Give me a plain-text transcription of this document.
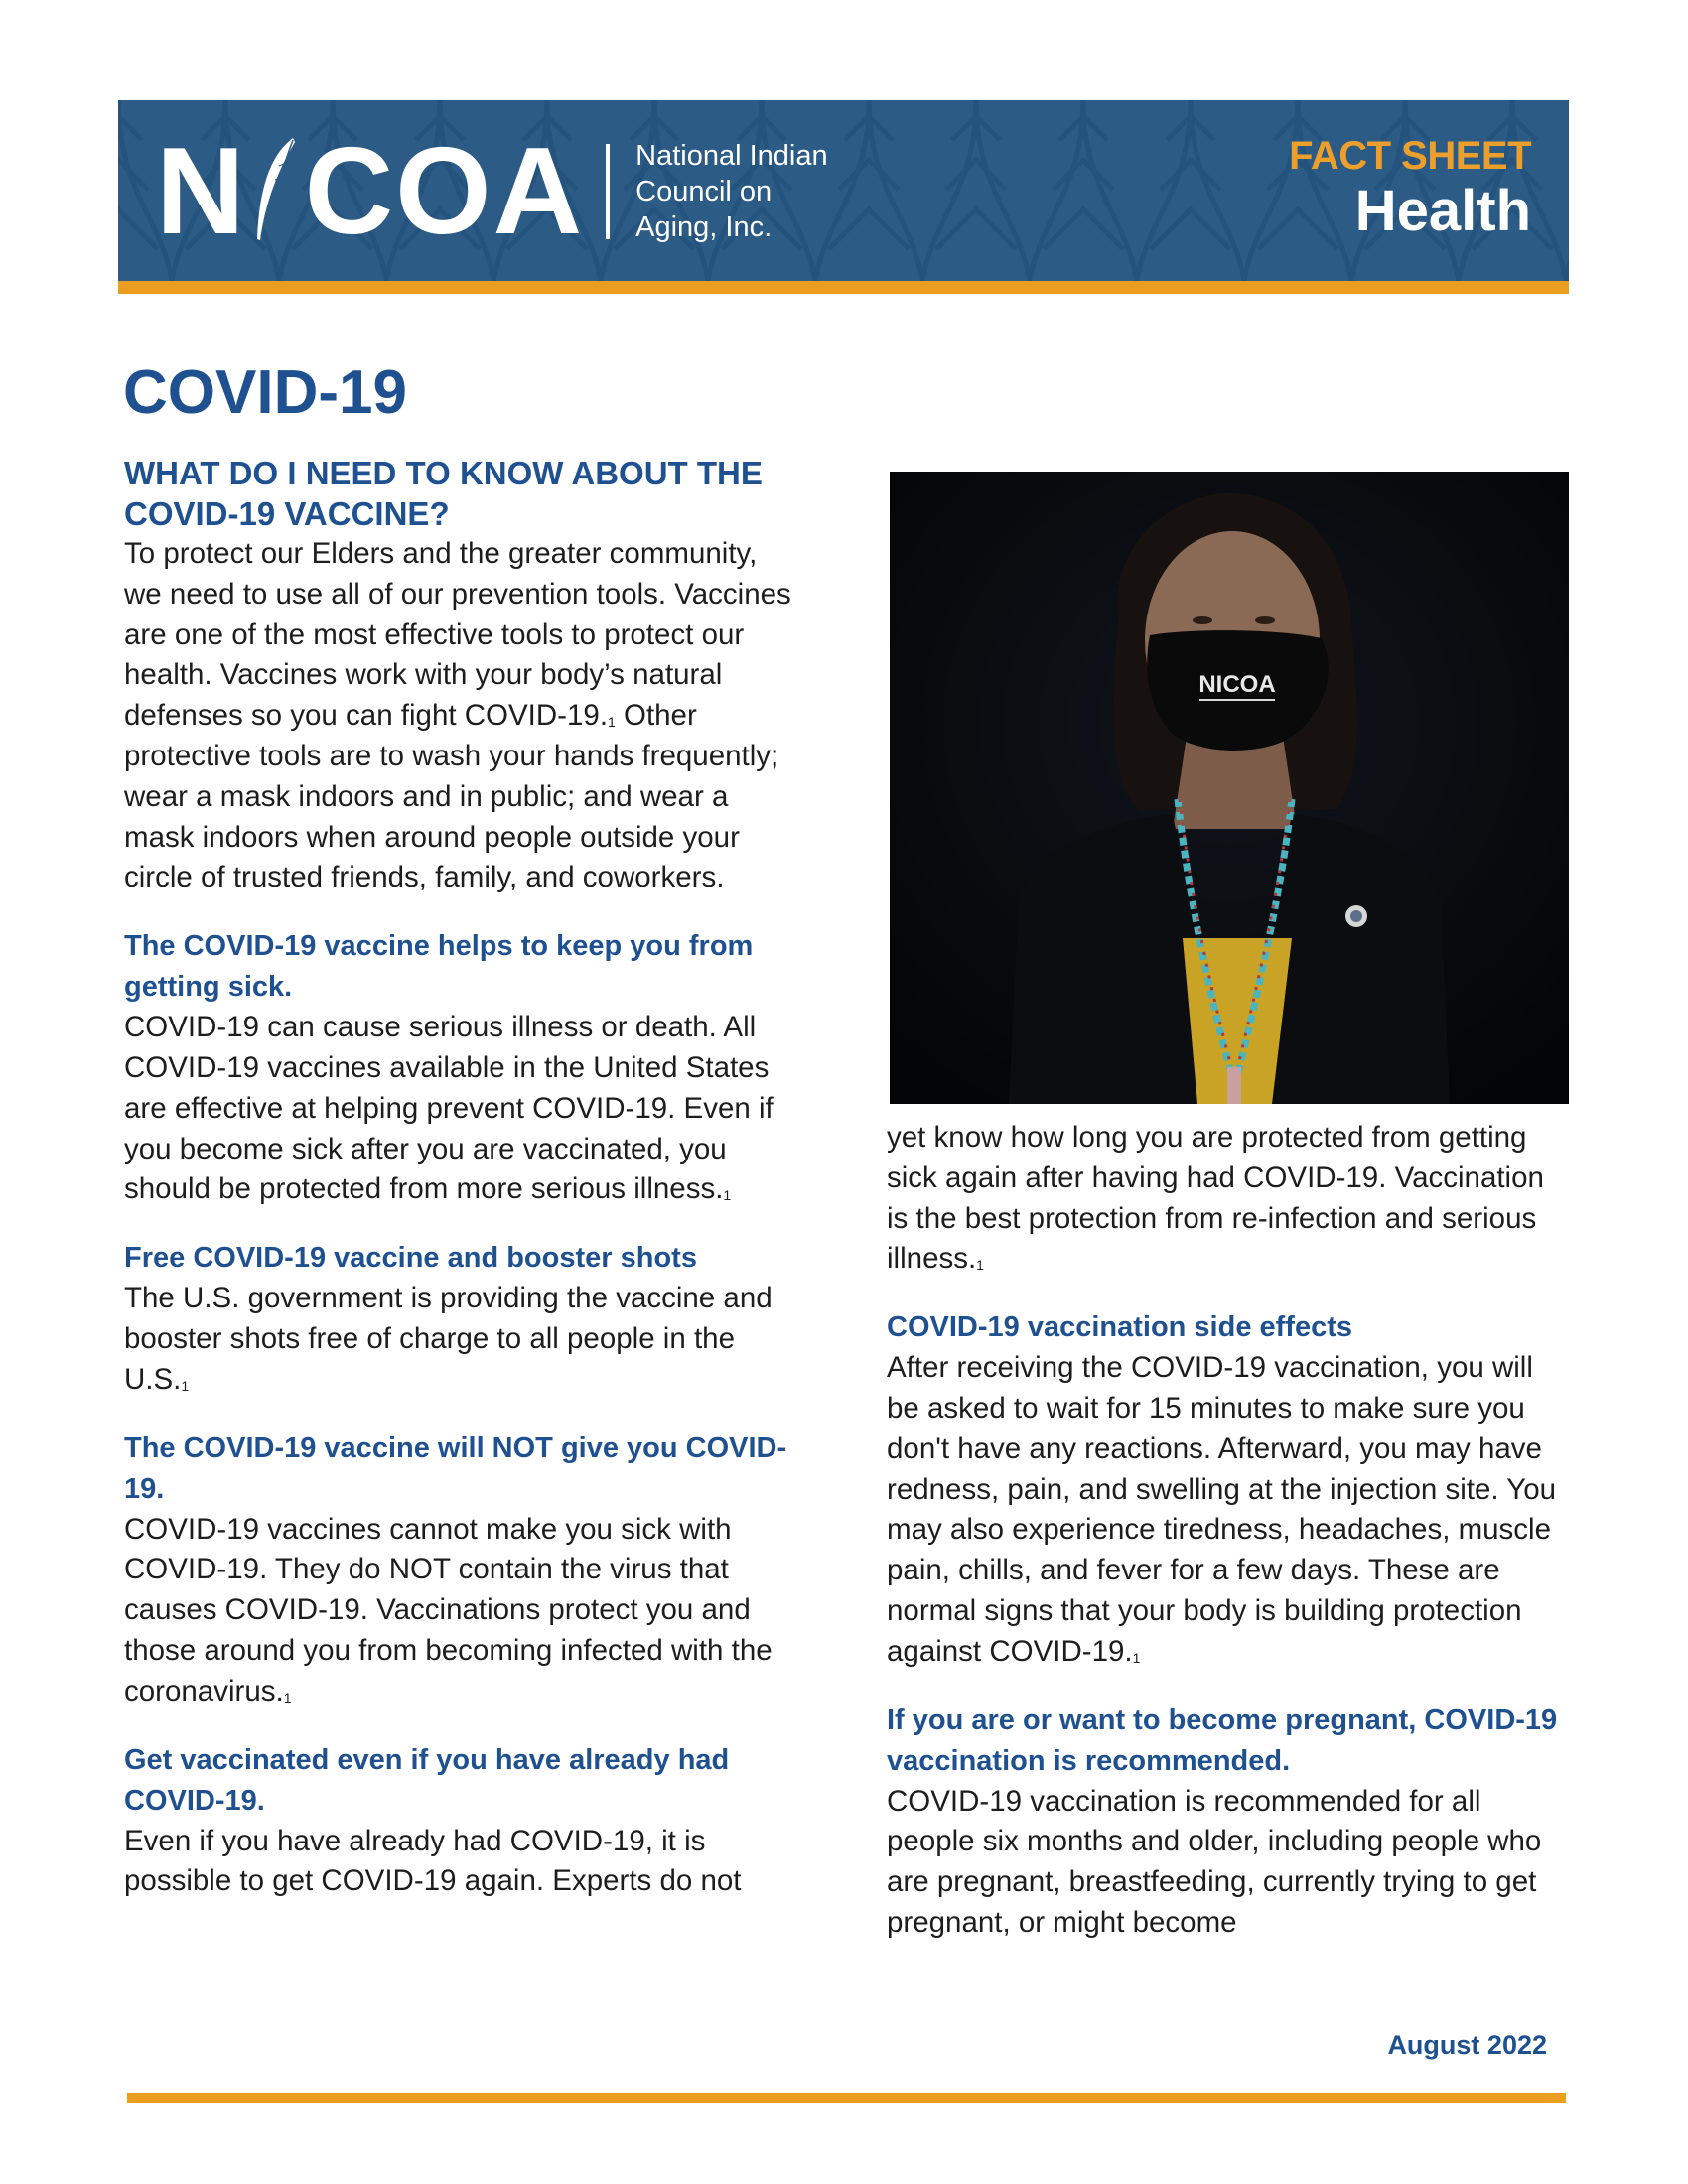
N COA National Indian
Council on
Aging, Inc.
FACT SHEET
Health
COVID-19
WHAT DO I NEED TO KNOW ABOUT THE COVID-19 VACCINE?

To protect our Elders and the greater community, we need to use all of our prevention tools. Vaccines are one of the most effective tools to protect our health. Vaccines work with your body’s natural defenses so you can fight COVID-19.$^1$ Other protective tools are to wash your hands frequently; wear a mask indoors and in public; and wear a mask indoors when around people outside your circle of trusted friends, family, and coworkers.

The COVID-19 vaccine helps to keep you from getting sick.

COVID-19 can cause serious illness or death. All COVID-19 vaccines available in the United States are effective at helping prevent COVID-19. Even if you become sick after you are vaccinated, you should be protected from more serious illness.$^1$

Free COVID-19 vaccine and booster shots

The U.S. government is providing the vaccine and booster shots free of charge to all people in the U.S.$^1$

The COVID-19 vaccine will NOT give you COVID-19.

COVID-19 vaccines cannot make you sick with COVID-19. They do NOT contain the virus that causes COVID-19. Vaccinations protect you and those around you from becoming infected with the coronavirus.$^1$

Get vaccinated even if you have already had COVID-19.

Even if you have already had COVID-19, it is possible to get COVID-19 again. Experts do not

NICOA

yet know how long you are protected from getting sick again after having had COVID-19. Vaccination is the best protection from re-infection and serious illness.$^1$

COVID-19 vaccination side effects

After receiving the COVID-19 vaccination, you will be asked to wait for 15 minutes to make sure you don't have any reactions. Afterward, you may have redness, pain, and swelling at the injection site. You may also experience tiredness, headaches, muscle pain, chills, and fever for a few days. These are normal signs that your body is building protection against COVID-19.$^1$

If you are or want to become pregnant, COVID-19 vaccination is recommended.

COVID-19 vaccination is recommended for all people six months and older, including people who are pregnant, breastfeeding, currently trying to get pregnant, or might become

August 2022
